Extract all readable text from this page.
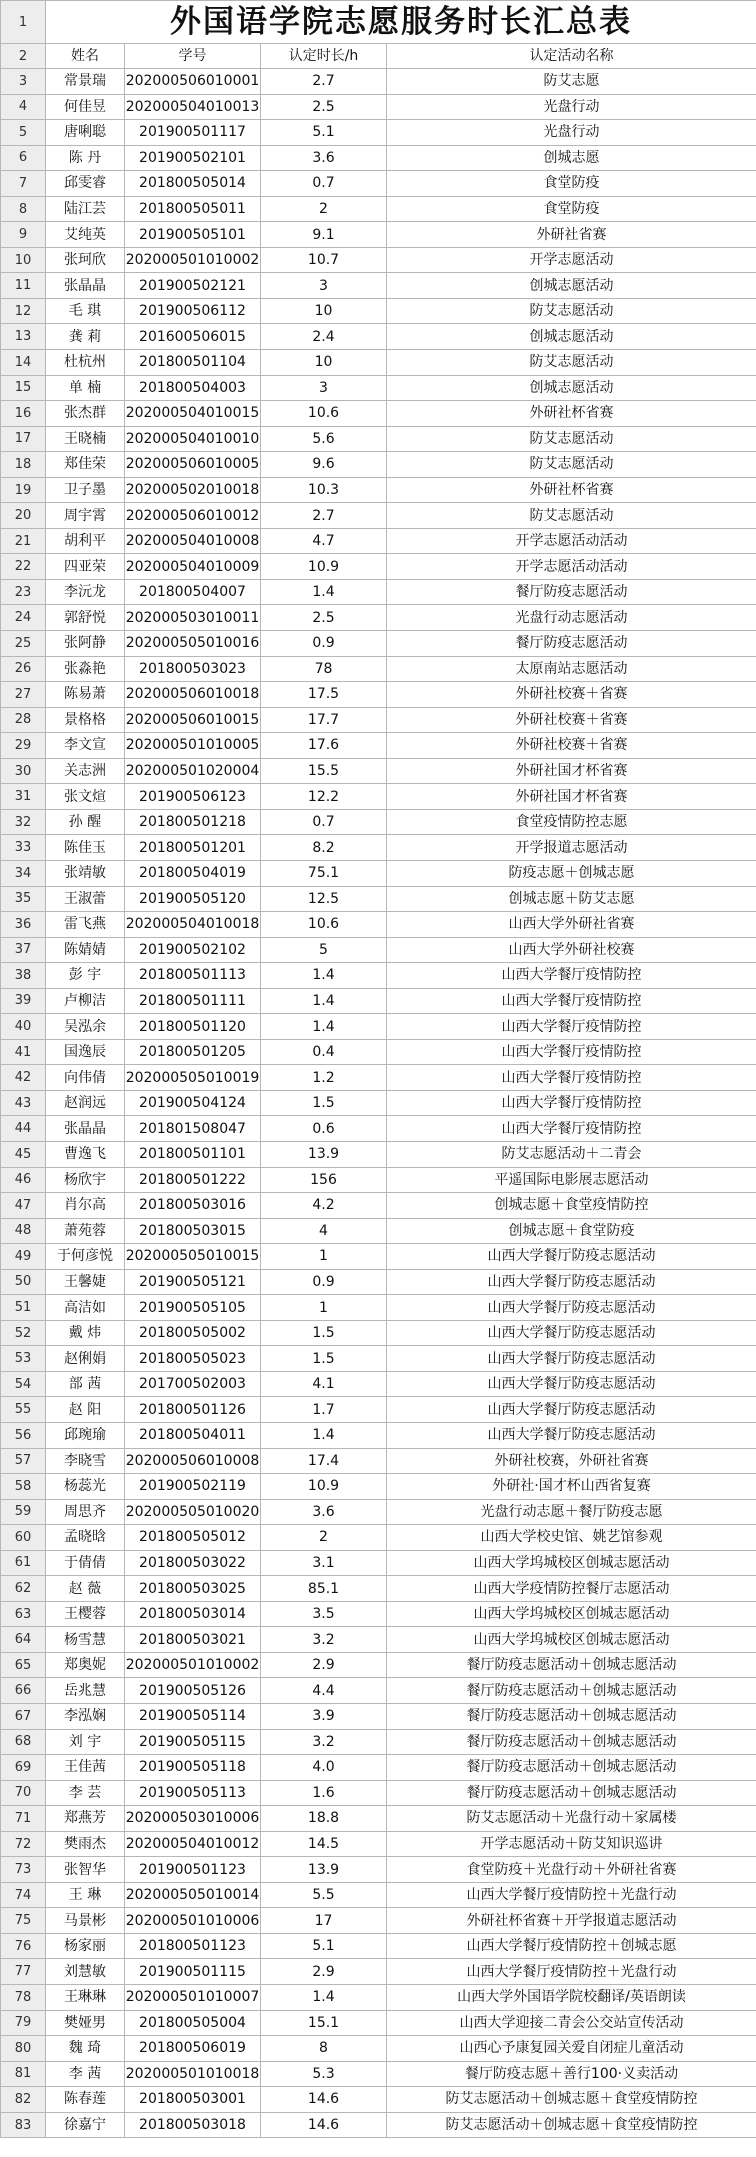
1	外国语学院志愿服务时长汇总表			
2	姓名	学号	认定时长/h	认定活动名称
3	常景瑞	202000506010001	2.7	防艾志愿
4	何佳昱	202000504010013	2.5	光盘行动
5	唐唎聪	201900501117	5.1	光盘行动
6	陈 丹	201900502101	3.6	创城志愿
7	邱雯睿	201800505014	0.7	食堂防疫
8	陆江芸	201800505011	2	食堂防疫
9	艾纯英	201900505101	9.1	外研社省赛
10	张珂欣	202000501010002	10.7	开学志愿活动
11	张晶晶	201900502121	3	创城志愿活动
12	毛 琪	201900506112	10	防艾志愿活动
13	龚 莉	201600506015	2.4	创城志愿活动
14	杜杭州	201800501104	10	防艾志愿活动
15	单 楠	201800504003	3	创城志愿活动
16	张杰群	202000504010015	10.6	外研社杯省赛
17	王晓楠	202000504010010	5.6	防艾志愿活动
18	郑佳荣	202000506010005	9.6	防艾志愿活动
19	卫子墨	202000502010018	10.3	外研社杯省赛
20	周宇霄	202000506010012	2.7	防艾志愿活动
21	胡利平	202000504010008	4.7	开学志愿活动活动
22	四亚荣	202000504010009	10.9	开学志愿活动活动
23	李沅龙	201800504007	1.4	餐厅防疫志愿活动
24	郭舒悦	202000503010011	2.5	光盘行动志愿活动
25	张阿静	202000505010016	0.9	餐厅防疫志愿活动
26	张淼艳	201800503023	78	太原南站志愿活动
27	陈易萧	202000506010018	17.5	外研社校赛＋省赛
28	景格格	202000506010015	17.7	外研社校赛＋省赛
29	李文宣	202000501010005	17.6	外研社校赛＋省赛
30	关志洲	202000501020004	15.5	外研社国才杯省赛
31	张文煊	201900506123	12.2	外研社国才杯省赛
32	孙 醒	201800501218	0.7	食堂疫情防控志愿
33	陈佳玉	201800501201	8.2	开学报道志愿活动
34	张靖敏	201800504019	75.1	防疫志愿＋创城志愿
35	王淑蕾	201900505120	12.5	创城志愿＋防艾志愿
36	雷飞燕	202000504010018	10.6	山西大学外研社省赛
37	陈婧婧	201900502102	5	山西大学外研社校赛
38	彭 宇	201800501113	1.4	山西大学餐厅疫情防控
39	卢柳洁	201800501111	1.4	山西大学餐厅疫情防控
40	吴泓余	201800501120	1.4	山西大学餐厅疫情防控
41	国逸辰	201800501205	0.4	山西大学餐厅疫情防控
42	向伟倩	202000505010019	1.2	山西大学餐厅疫情防控
43	赵润远	201900504124	1.5	山西大学餐厅疫情防控
44	张晶晶	201801508047	0.6	山西大学餐厅疫情防控
45	曹逸飞	201800501101	13.9	防艾志愿活动＋二青会
46	杨欣宇	201800501222	156	平遥国际电影展志愿活动
47	肖尔高	201800503016	4.2	创城志愿＋食堂疫情防控
48	萧苑蓉	201800503015	4	创城志愿＋食堂防疫
49	于何彦悦	202000505010015	1	山西大学餐厅防疫志愿活动
50	王馨婕	201900505121	0.9	山西大学餐厅防疫志愿活动
51	高洁如	201900505105	1	山西大学餐厅防疫志愿活动
52	戴 炜	201800505002	1.5	山西大学餐厅防疫志愿活动
53	赵俐娟	201800505023	1.5	山西大学餐厅防疫志愿活动
54	部 茜	201700502003	4.1	山西大学餐厅防疫志愿活动
55	赵 阳	201800501126	1.7	山西大学餐厅防疫志愿活动
56	邱琬瑜	201800504011	1.4	山西大学餐厅防疫志愿活动
57	李晓雪	202000506010008	17.4	外研社校赛，外研社省赛
58	杨蕊光	201900502119	10.9	外研社·国才杯山西省复赛
59	周思齐	202000505010020	3.6	光盘行动志愿＋餐厅防疫志愿
60	孟晓晗	201800505012	2	山西大学校史馆、姚艺馆参观
61	于倩倩	201800503022	3.1	山西大学坞城校区创城志愿活动
62	赵 薇	201800503025	85.1	山西大学疫情防控餐厅志愿活动
63	王樱蓉	201800503014	3.5	山西大学坞城校区创城志愿活动
64	杨雪慧	201800503021	3.2	山西大学坞城校区创城志愿活动
65	郑奥妮	202000501010002	2.9	餐厅防疫志愿活动＋创城志愿活动
66	岳兆慧	201900505126	4.4	餐厅防疫志愿活动＋创城志愿活动
67	李泓娴	201900505114	3.9	餐厅防疫志愿活动＋创城志愿活动
68	刘 宇	201900505115	3.2	餐厅防疫志愿活动＋创城志愿活动
69	王佳茜	201900505118	4.0	餐厅防疫志愿活动＋创城志愿活动
70	李 芸	201900505113	1.6	餐厅防疫志愿活动＋创城志愿活动
71	郑燕芳	202000503010006	18.8	防艾志愿活动＋光盘行动＋家属楼
72	樊雨杰	202000504010012	14.5	开学志愿活动＋防艾知识巡讲
73	张智华	201900501123	13.9	食堂防疫＋光盘行动＋外研社省赛
74	王 琳	202000505010014	5.5	山西大学餐厅疫情防控＋光盘行动
75	马景彬	202000501010006	17	外研社杯省赛＋开学报道志愿活动
76	杨家丽	201800501123	5.1	山西大学餐厅疫情防控＋创城志愿
77	刘慧敏	201900501115	2.9	山西大学餐厅疫情防控＋光盘行动
78	王琳琳	202000501010007	1.4	山西大学外国语学院校翻译/英语朗读
79	樊娅男	201800505004	15.1	山西大学迎接二青会公交站宣传活动
80	魏 琦	201800506019	8	山西心予康复园关爱自闭症儿童活动
81	李 茜	202000501010018	5.3	餐厅防疫志愿＋善行100·义卖活动
82	陈春莲	201800503001	14.6	防艾志愿活动＋创城志愿＋食堂疫情防控
83	徐嘉宁	201800503018	14.6	防艾志愿活动＋创城志愿＋食堂疫情防控
